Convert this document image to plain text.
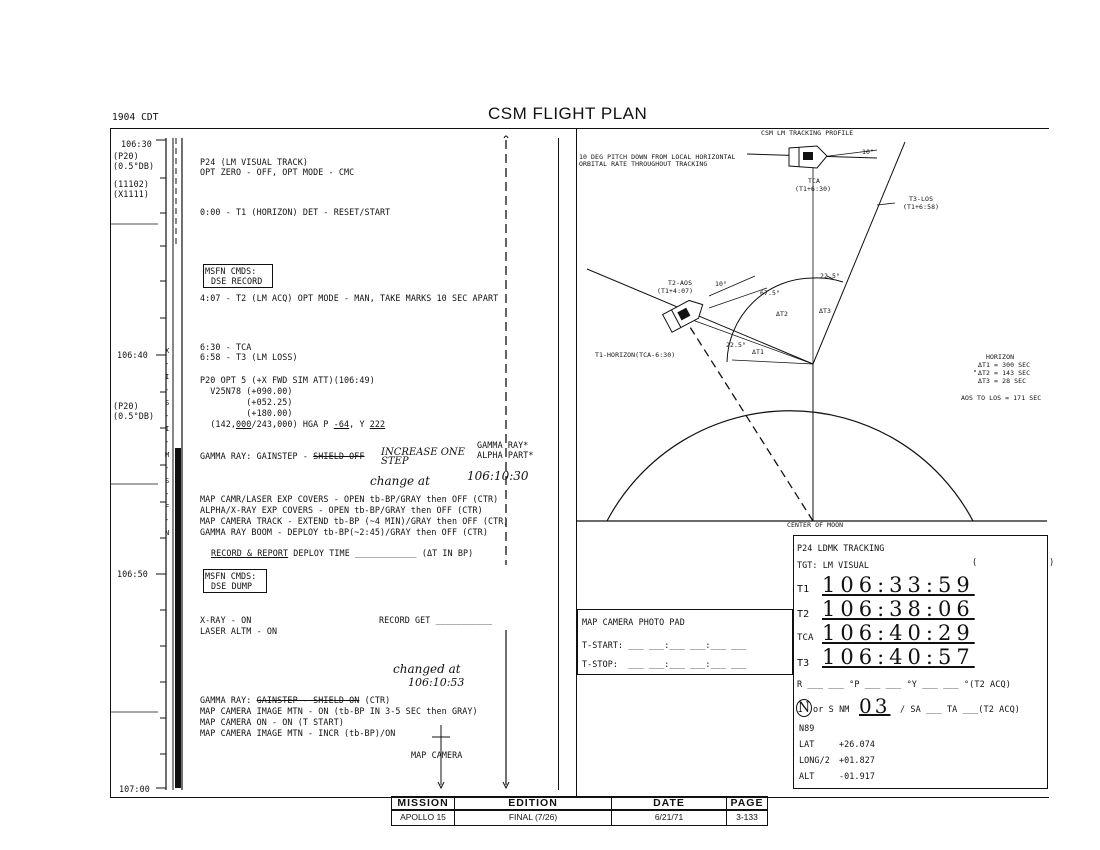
1904 CDT	CSM FLIGHT PLAN
106:30
106:40
106:50
107:00
(P20)
(0.5°DB)
(11102)
(X1111)
(P20)
(0.5°DB)
X-I-S-I-M-S-F-N
P24 (LM VISUAL TRACK)
OPT ZERO - OFF, OPT MODE - CMC
0:00 - T1 (HORIZON) DET - RESET/START
MSFN CMDS:
DSE RECORD
4:07 - T2 (LM ACQ) OPT MODE - MAN, TAKE MARKS 10 SEC APART
6:30 - TCA
6:58 - T3 (LM LOSS)
P20 OPT 5 (+X FWD SIM ATT)(106:49)
V25N78 (+090.00)
(+052.25)
(+180.00)
(142,000/243,000) HGA P -64, Y 222
GAMMA RAY: GAINSTEP - SHIELD OFF INCREASE ONE STEP
GAMMA RAY*
ALPHA PART*
change at	106:10:30
MAP CAMR/LASER EXP COVERS - OPEN tb-BP/GRAY then OFF (CTR)
ALPHA/X-RAY EXP COVERS - OPEN tb-BP/GRAY then OFF (CTR)
MAP CAMERA TRACK - EXTEND tb-BP (~4 MIN)/GRAY then OFF (CTR)
GAMMA RAY BOOM - DEPLOY tb-BP(~2:45)/GRAY then OFF (CTR)
RECORD & REPORT DEPLOY TIME ____________ (ΔT IN BP)
MSFN CMDS:
DSE DUMP
X-RAY - ON
LASER ALTM - ON
RECORD GET ___________
changed at
106:10:53
GAMMA RAY: GAINSTEP - SHIELD ON (CTR)
MAP CAMERA IMAGE MTN - ON (tb-BP IN 3-5 SEC then GRAY)
MAP CAMERA ON - ON (T START)
MAP CAMERA IMAGE MTN - INCR (tb-BP)/ON
MAP CAMERA
CSM LM TRACKING PROFILE
10 DEG PITCH DOWN FROM LOCAL HORIZONTAL
ORBITAL RATE THROUGHOUT TRACKING
10°
TCA
(T1+6:30)
T3-LOS
(T1+6:58)
T2-AOS
(T1+4:07)
10°
67.5°
22.5°
22.5°
ΔT2	ΔT3
ΔT1
T1-HORIZON(TCA-6:30)	HORIZON
ΔT1 = 300 SEC
ΔT2 = 143 SEC
ΔT3 = 28 SEC
AOS TO LOS = 171 SEC
CENTER OF MOON
MAP CAMERA PHOTO PAD
T-START: ___ ___:___ ___:___ ___
T-STOP:  ___ ___:___ ___:___ ___
P24 LDMK TRACKING
TGT: LM VISUAL	(              )
T1 106:33:59
T2 106:38:06
TCA 106:40:29
T3 106:40:57
R ___ ___ °P ___ ___ °Y ___ ___ °(T2 ACQ)
N or S NM 03 / SA ___ TA ___(T2 ACQ)
N89
LAT	+26.074
LONG/2 +01.827
ALT	-01.917
MISSION	EDITION	DATE	PAGE
APOLLO 15	FINAL (7/26)	6/21/71	3-133
